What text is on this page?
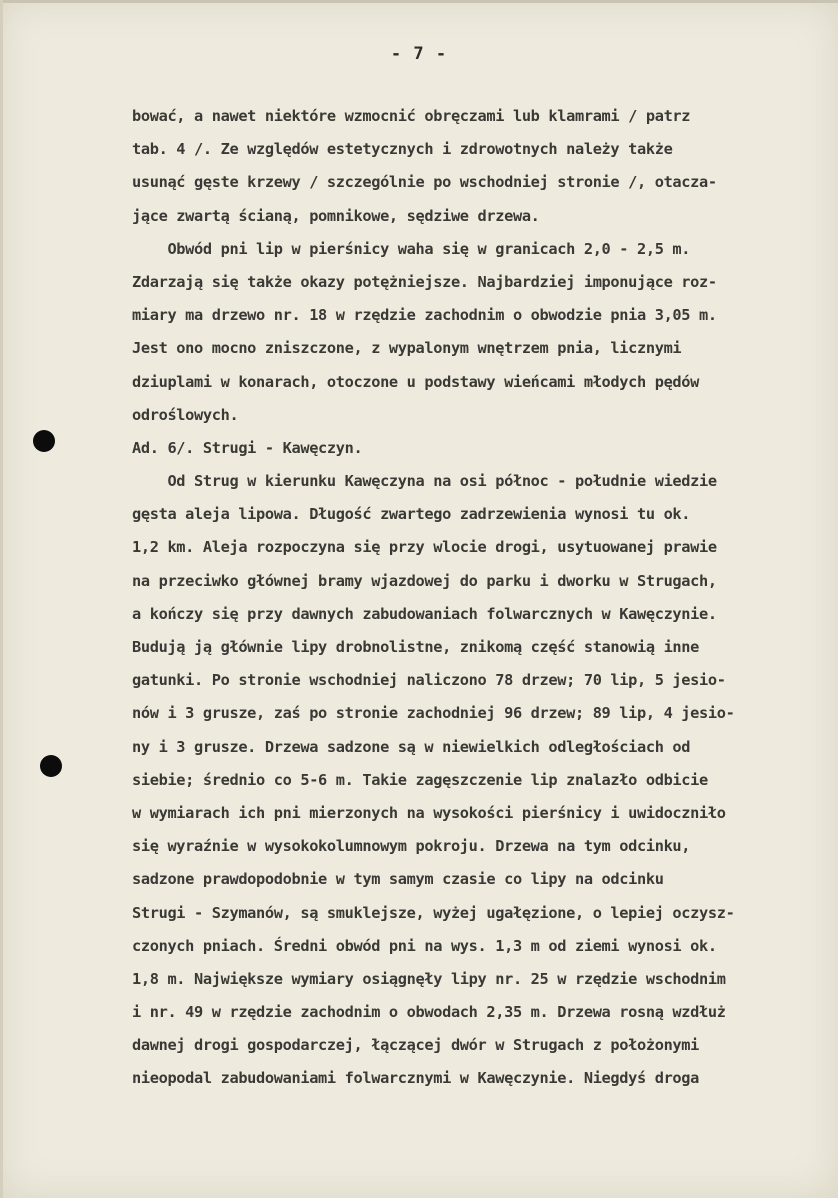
- 7 -
bować, a nawet niektóre wzmocnić obręczami lub klamrami / patrz
tab. 4 /. Ze względów estetycznych i zdrowotnych należy także
usunąć gęste krzewy / szczególnie po wschodniej stronie /, otacza-
jące zwartą ścianą, pomnikowe, sędziwe drzewa.
Obwód pni lip w pierśnicy waha się w granicach 2,0 - 2,5 m.
Zdarzają się także okazy potężniejsze. Najbardziej imponujące roz-
miary ma drzewo nr. 18 w rzędzie zachodnim o obwodzie pnia 3,05 m.
Jest ono mocno zniszczone, z wypalonym wnętrzem pnia, licznymi
dziuplami w konarach, otoczone u podstawy wieńcami młodych pędów
odroślowych.
Ad. 6/. Strugi - Kawęczyn.
Od Strug w kierunku Kawęczyna na osi północ - południe wiedzie
gęsta aleja lipowa. Długość zwartego zadrzewienia wynosi tu ok.
1,2 km. Aleja rozpoczyna się przy wlocie drogi, usytuowanej prawie
na przeciwko głównej bramy wjazdowej do parku i dworku w Strugach,
a kończy się przy dawnych zabudowaniach folwarcznych w Kawęczynie.
Budują ją głównie lipy drobnolistne, znikomą część stanowią inne
gatunki. Po stronie wschodniej naliczono 78 drzew; 70 lip, 5 jesio-
nów i 3 grusze, zaś po stronie zachodniej 96 drzew; 89 lip, 4 jesio-
ny i 3 grusze. Drzewa sadzone są w niewielkich odległościach od
siebie; średnio co 5-6 m. Takie zagęszczenie lip znalazło odbicie
w wymiarach ich pni mierzonych na wysokości pierśnicy i uwidoczniło
się wyraźnie w wysokokolumnowym pokroju. Drzewa na tym odcinku,
sadzone prawdopodobnie w tym samym czasie co lipy na odcinku
Strugi - Szymanów, są smuklejsze, wyżej ugałęzione, o lepiej oczysz-
czonych pniach. Średni obwód pni na wys. 1,3 m od ziemi wynosi ok.
1,8 m. Największe wymiary osiągnęły lipy nr. 25 w rzędzie wschodnim
i nr. 49 w rzędzie zachodnim o obwodach 2,35 m. Drzewa rosną wzdłuż
dawnej drogi gospodarczej, łączącej dwór w Strugach z położonymi
nieopodal zabudowaniami folwarcznymi w Kawęczynie. Niegdyś droga
